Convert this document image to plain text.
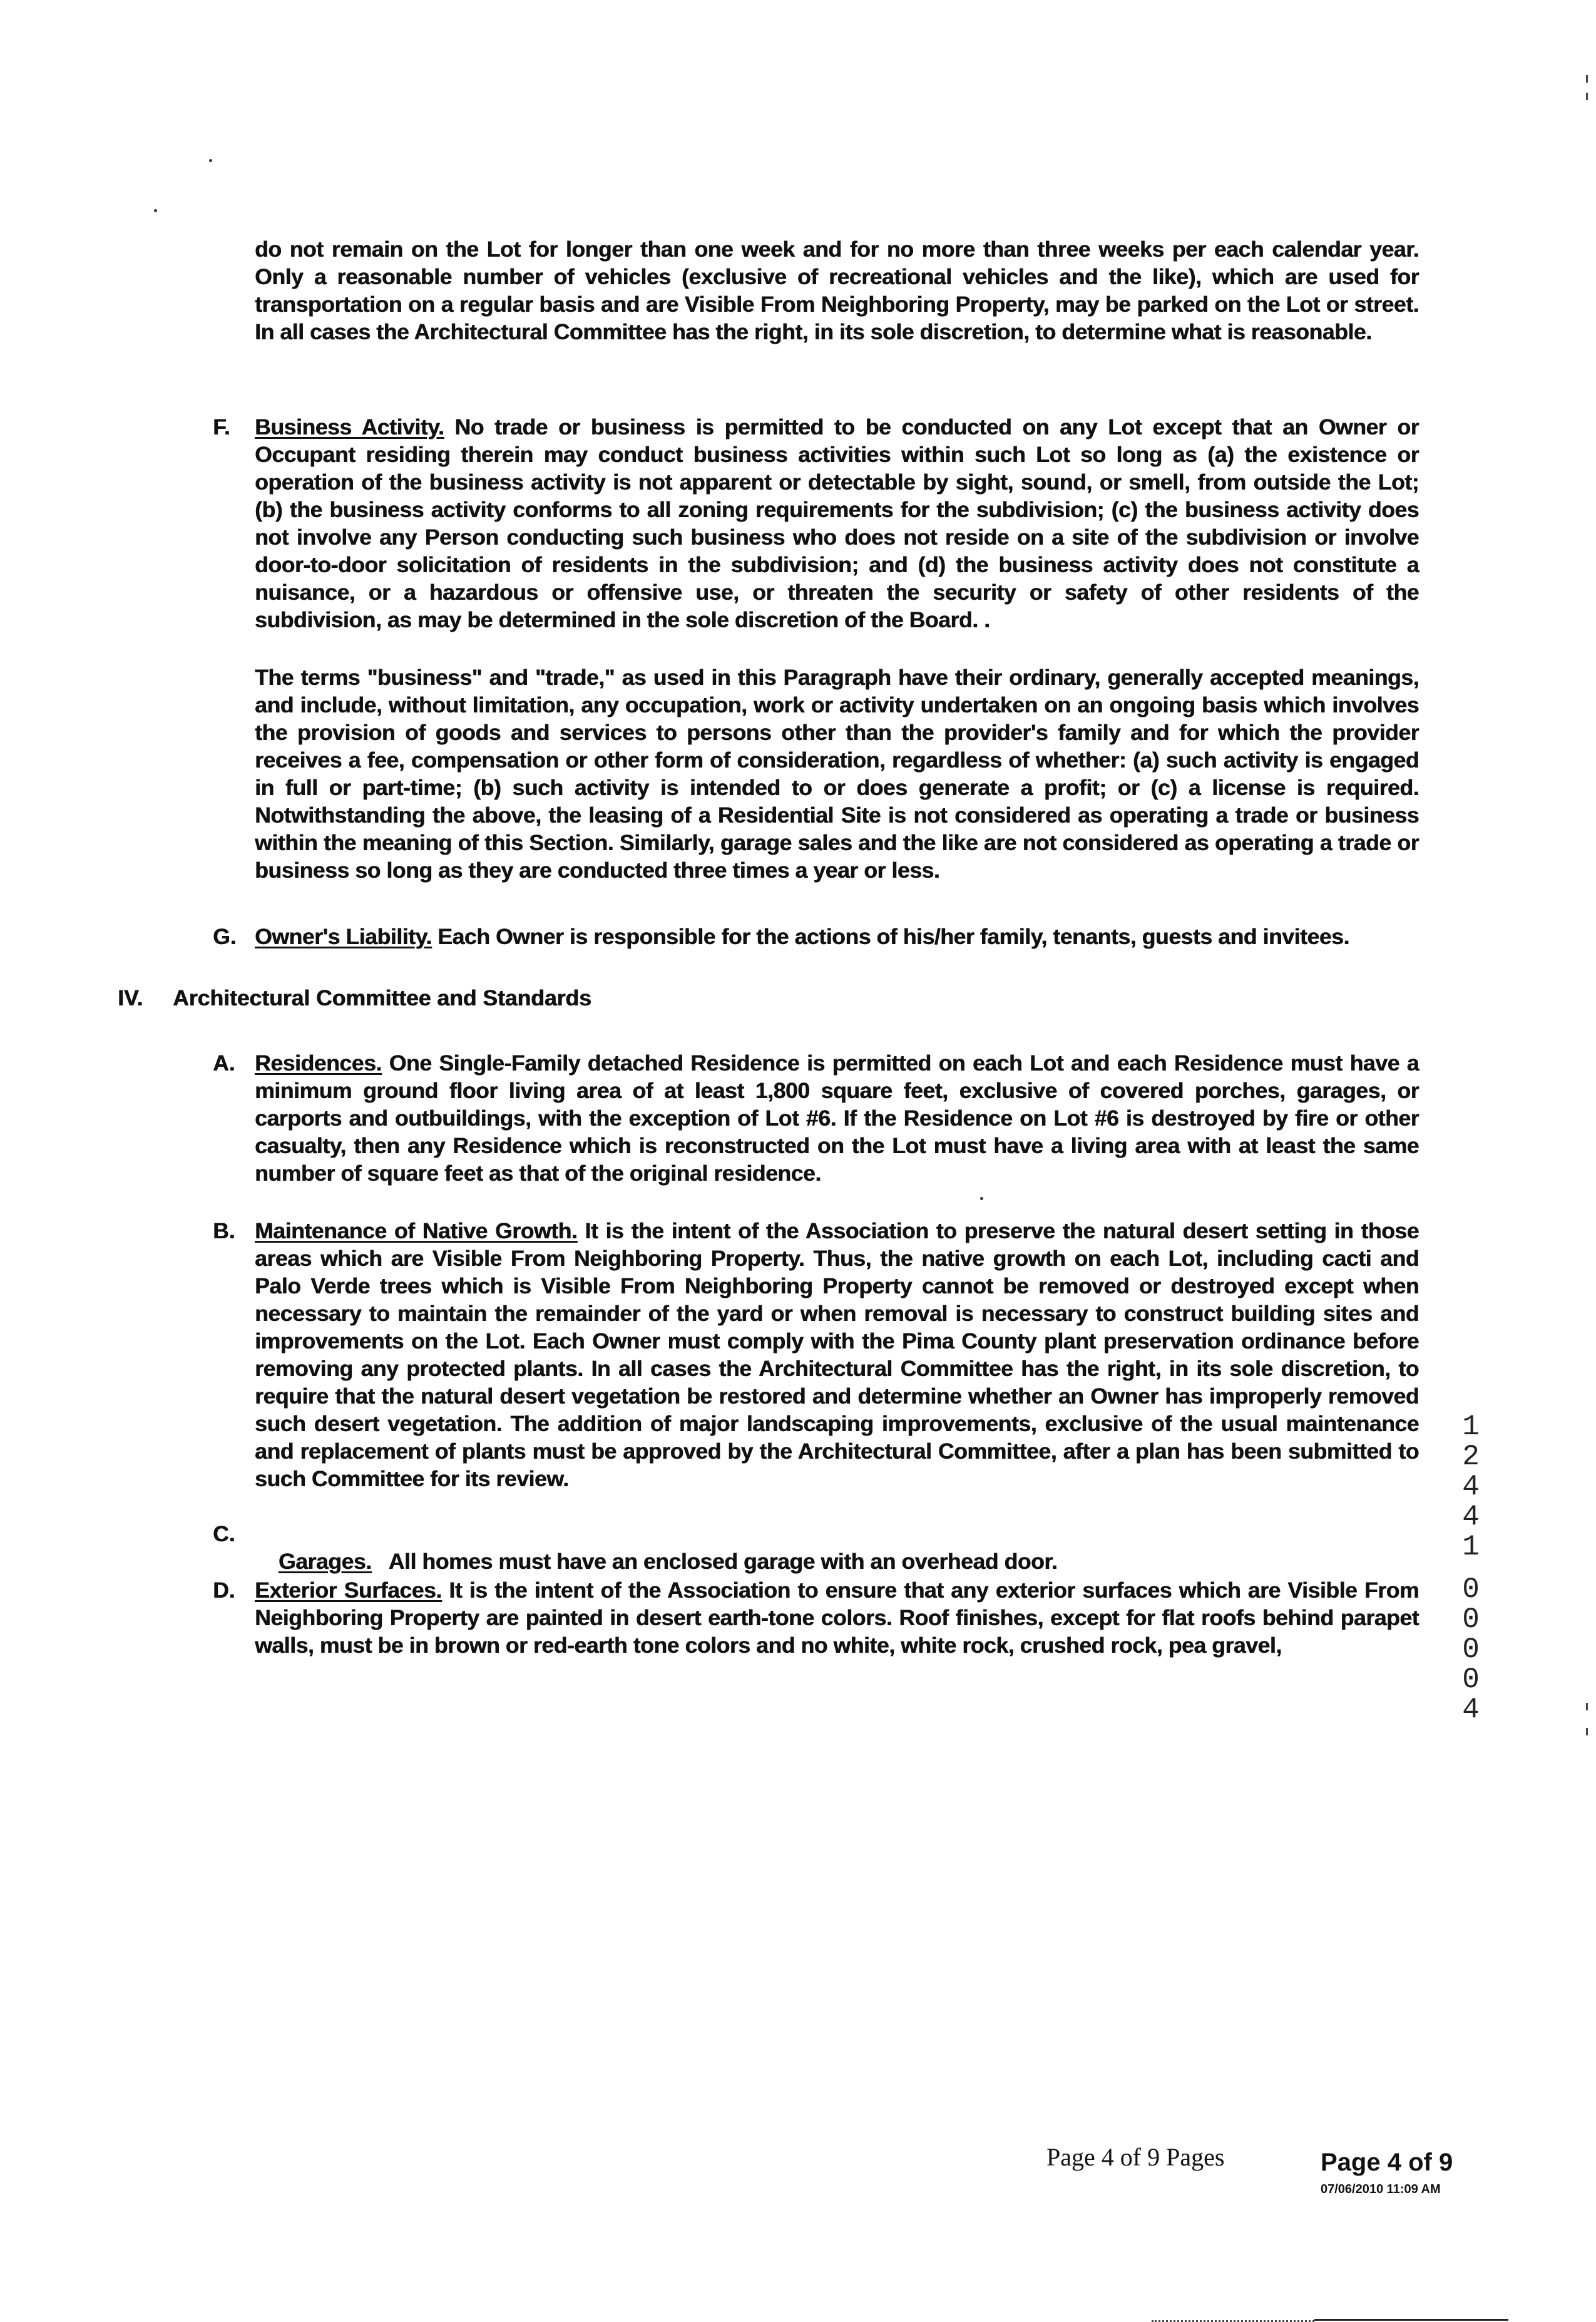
do not remain on the Lot for longer than one week and for no more than three weeks per each calendar year. Only a reasonable number of vehicles (exclusive of recreational vehicles and the like), which are used for transportation on a regular basis and are Visible From Neighboring Property, may be parked on the Lot or street. In all cases the Architectural Committee has the right, in its sole discretion, to determine what is reasonable.

F. Business Activity. No trade or business is permitted to be conducted on any Lot except that an Owner or Occupant residing therein may conduct business activities within such Lot so long as (a) the existence or operation of the business activity is not apparent or detectable by sight, sound, or smell, from outside the Lot; (b) the business activity conforms to all zoning requirements for the subdivision; (c) the business activity does not involve any Person conducting such business who does not reside on a site of the subdivision or involve door-to-door solicitation of residents in the subdivision; and (d) the business activity does not constitute a nuisance, or a hazardous or offensive use, or threaten the security or safety of other residents of the subdivision, as may be determined in the sole discretion of the Board. .

The terms "business" and "trade," as used in this Paragraph have their ordinary, generally accepted meanings, and include, without limitation, any occupation, work or activity undertaken on an ongoing basis which involves the provision of goods and services to persons other than the provider's family and for which the provider receives a fee, compensation or other form of consideration, regardless of whether: (a) such activity is engaged in full or part-time; (b) such activity is intended to or does generate a profit; or (c) a license is required. Notwithstanding the above, the leasing of a Residential Site is not considered as operating a trade or business within the meaning of this Section. Similarly, garage sales and the like are not considered as operating a trade or business so long as they are conducted three times a year or less.

G. Owner's Liability. Each Owner is responsible for the actions of his/her family, tenants, guests and invitees.

IV. Architectural Committee and Standards
A. Residences. One Single-Family detached Residence is permitted on each Lot and each Residence must have a minimum ground floor living area of at least 1,800 square feet, exclusive of covered porches, garages, or carports and outbuildings, with the exception of Lot #6. If the Residence on Lot #6 is destroyed by fire or other casualty, then any Residence which is reconstructed on the Lot must have a living area with at least the same number of square feet as that of the original residence.

B. Maintenance of Native Growth. It is the intent of the Association to preserve the natural desert setting in those areas which are Visible From Neighboring Property. Thus, the native growth on each Lot, including cacti and Palo Verde trees which is Visible From Neighboring Property cannot be removed or destroyed except when necessary to maintain the remainder of the yard or when removal is necessary to construct building sites and improvements on the Lot. Each Owner must comply with the Pima County plant preservation ordinance before removing any protected plants. In all cases the Architectural Committee has the right, in its sole discretion, to require that the natural desert vegetation be restored and determine whether an Owner has improperly removed such desert vegetation. The addition of major landscaping improvements, exclusive of the usual maintenance and replacement of plants must be approved by the Architectural Committee, after a plan has been submitted to such Committee for its review.

C.

Garages.   All homes must have an enclosed garage with an overhead door.

D. Exterior Surfaces. It is the intent of the Association to ensure that any exterior surfaces which are Visible From Neighboring Property are painted in desert earth-tone colors. Roof finishes, except for flat roofs behind parapet walls, must be in brown or red-earth tone colors and no white, white rock, crushed rock, pea gravel,

1
2
4
4
1
0
0
0
0
4
Page 4 of 9 Pages	Page 4 of 9
07/06/2010 11:09 AM
